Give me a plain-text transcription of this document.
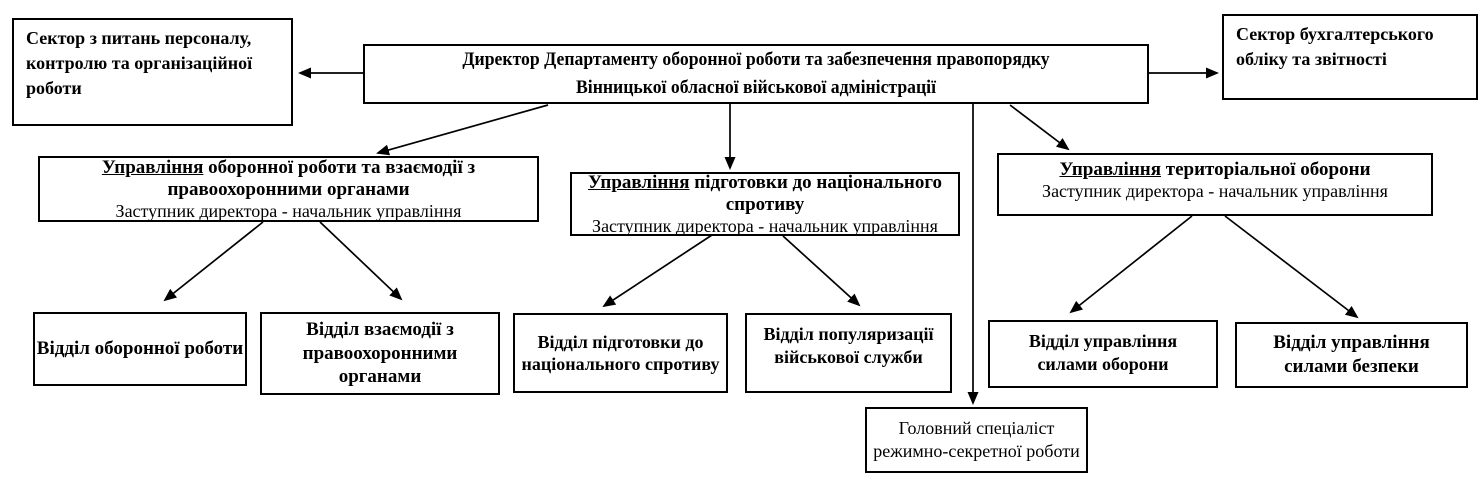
Сектор з питань персоналу, контролю та організаційної роботи
Директор Департаменту оборонної роботи та забезпечення правопорядку
Вінницької обласної військової адміністрації
Сектор бухгалтерського обліку та звітності
Управління оборонної роботи та взаємодії з правоохоронними органами
Заступник директора - начальник управління
Управління підготовки до національного спротиву
Заступник директора - начальник управління
Управління територіальної оборони
Заступник директора - начальник управління
Відділ оборонної роботи
Відділ взаємодії з правоохоронними органами
Відділ підготовки до національного спротиву
Відділ популяризації військової служби
Відділ управління силами оборони
Відділ управління силами безпеки
Головний спеціаліст режимно-секретної роботи
